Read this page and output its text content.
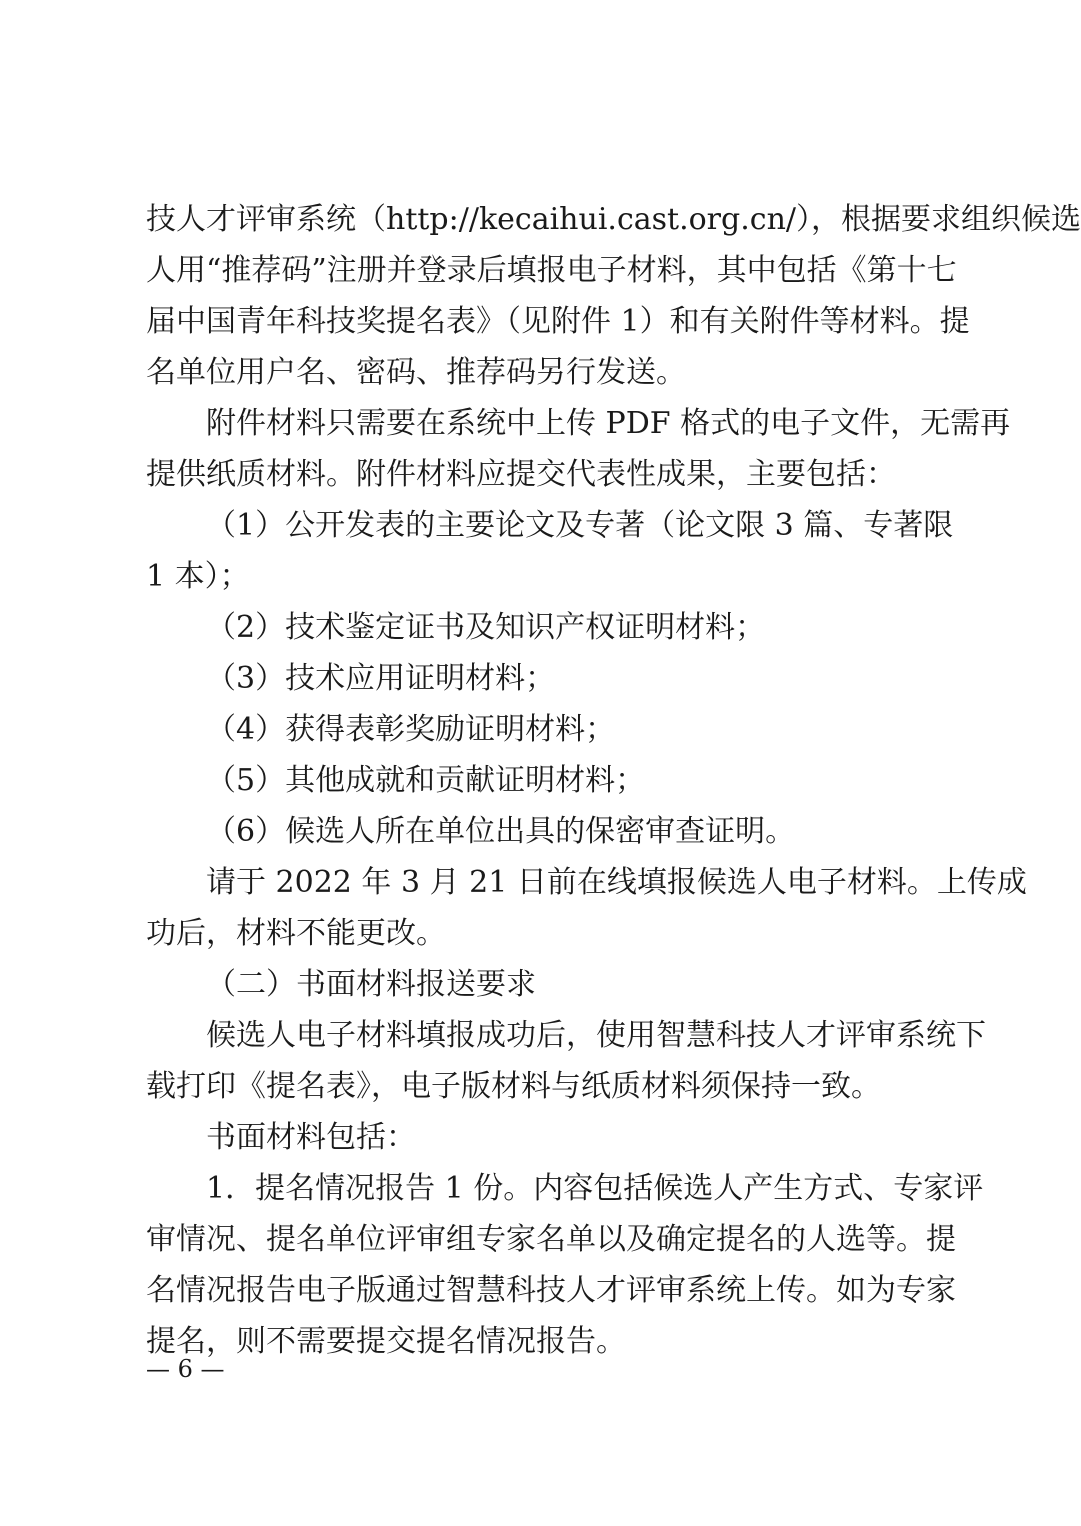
技人才评审系统（http://kecaihui.cast.org.cn/），根据要求组织候选
人用“推荐码”注册并登录后填报电子材料，其中包括《第十七
届中国青年科技奖提名表》（见附件 1）和有关附件等材料。提
名单位用户名、密码、推荐码另行发送。
附件材料只需要在系统中上传 PDF 格式的电子文件，无需再
提供纸质材料。附件材料应提交代表性成果，主要包括：
（1）公开发表的主要论文及专著（论文限 3 篇、专著限
1 本）；
（2）技术鉴定证书及知识产权证明材料；
（3）技术应用证明材料；
（4）获得表彰奖励证明材料；
（5）其他成就和贡献证明材料；
（6）候选人所在单位出具的保密审查证明。
请于 2022 年 3 月 21 日前在线填报候选人电子材料。上传成
功后，材料不能更改。
（二）书面材料报送要求
候选人电子材料填报成功后，使用智慧科技人才评审系统下
载打印《提名表》，电子版材料与纸质材料须保持一致。
书面材料包括：
1．提名情况报告 1 份。内容包括候选人产生方式、专家评
审情况、提名单位评审组专家名单以及确定提名的人选等。提
名情况报告电子版通过智慧科技人才评审系统上传。如为专家
提名，则不需要提交提名情况报告。
— 6 —
